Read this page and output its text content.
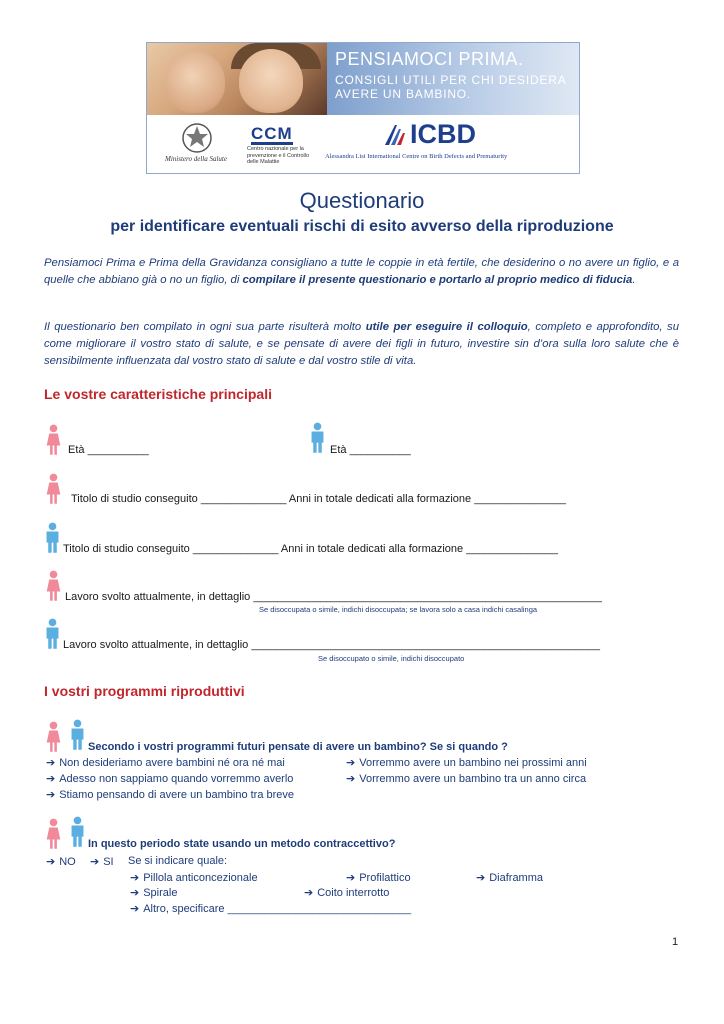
PENSIAMOCI PRIMA.
CONSIGLI UTILI PER CHI DESIDERA AVERE UN BAMBINO.
Ministero della Salute
CCM
Centro nazionale per la prevenzione e il Controllo delle Malattie
ICBD
Alessandra Lisi International Centre on Birth Defects and Prematurity
Questionario
per identificare eventuali rischi di esito avverso della riproduzione
Pensiamoci Prima e Prima della Gravidanza consigliano a tutte le coppie in età fertile, che desiderino o no avere un figlio, e a quelle che abbiano già o no un figlio, di compilare il presente questionario e portarlo al proprio medico di fiducia.
Il questionario ben compilato in ogni sua parte risulterà molto utile per eseguire il colloquio, completo e approfondito, su come migliorare il vostro stato di salute, e se pensate di avere dei figli in futuro, investire sin d’ora sulla loro salute che è sensibilmente influenzata dal vostro stato di salute e dal vostro stile di vita.
Le vostre caratteristiche principali
Età __________	Età __________
Titolo di studio conseguito ______________ Anni in totale dedicati alla formazione _______________
Titolo di studio conseguito ______________ Anni in totale dedicati alla formazione _______________
Lavoro svolto attualmente, in dettaglio _________________________________________________________
Se disoccupata o simile, indichi disoccupata; se lavora solo a casa indichi casalinga
Lavoro svolto attualmente, in dettaglio _________________________________________________________
Se disoccupato o simile, indichi disoccupato
I vostri programmi riproduttivi
Secondo i vostri programmi futuri pensate di avere un bambino? Se si quando ?
➔ Non desideriamo avere bambini né ora né mai	➔ Vorremmo avere un bambino nei prossimi anni
➔ Adesso non sappiamo quando vorremmo averlo	➔ Vorremmo avere un bambino tra un anno circa
➔ Stiamo pensando di avere un bambino tra breve
In questo periodo state usando un metodo contraccettivo?
➔ NO ➔ SI Se si indicare quale:
➔ Pillola anticoncezionale	➔ Profilattico	➔ Diaframma
➔ Spirale	➔ Coito interrotto
➔ Altro, specificare ______________________________
1
